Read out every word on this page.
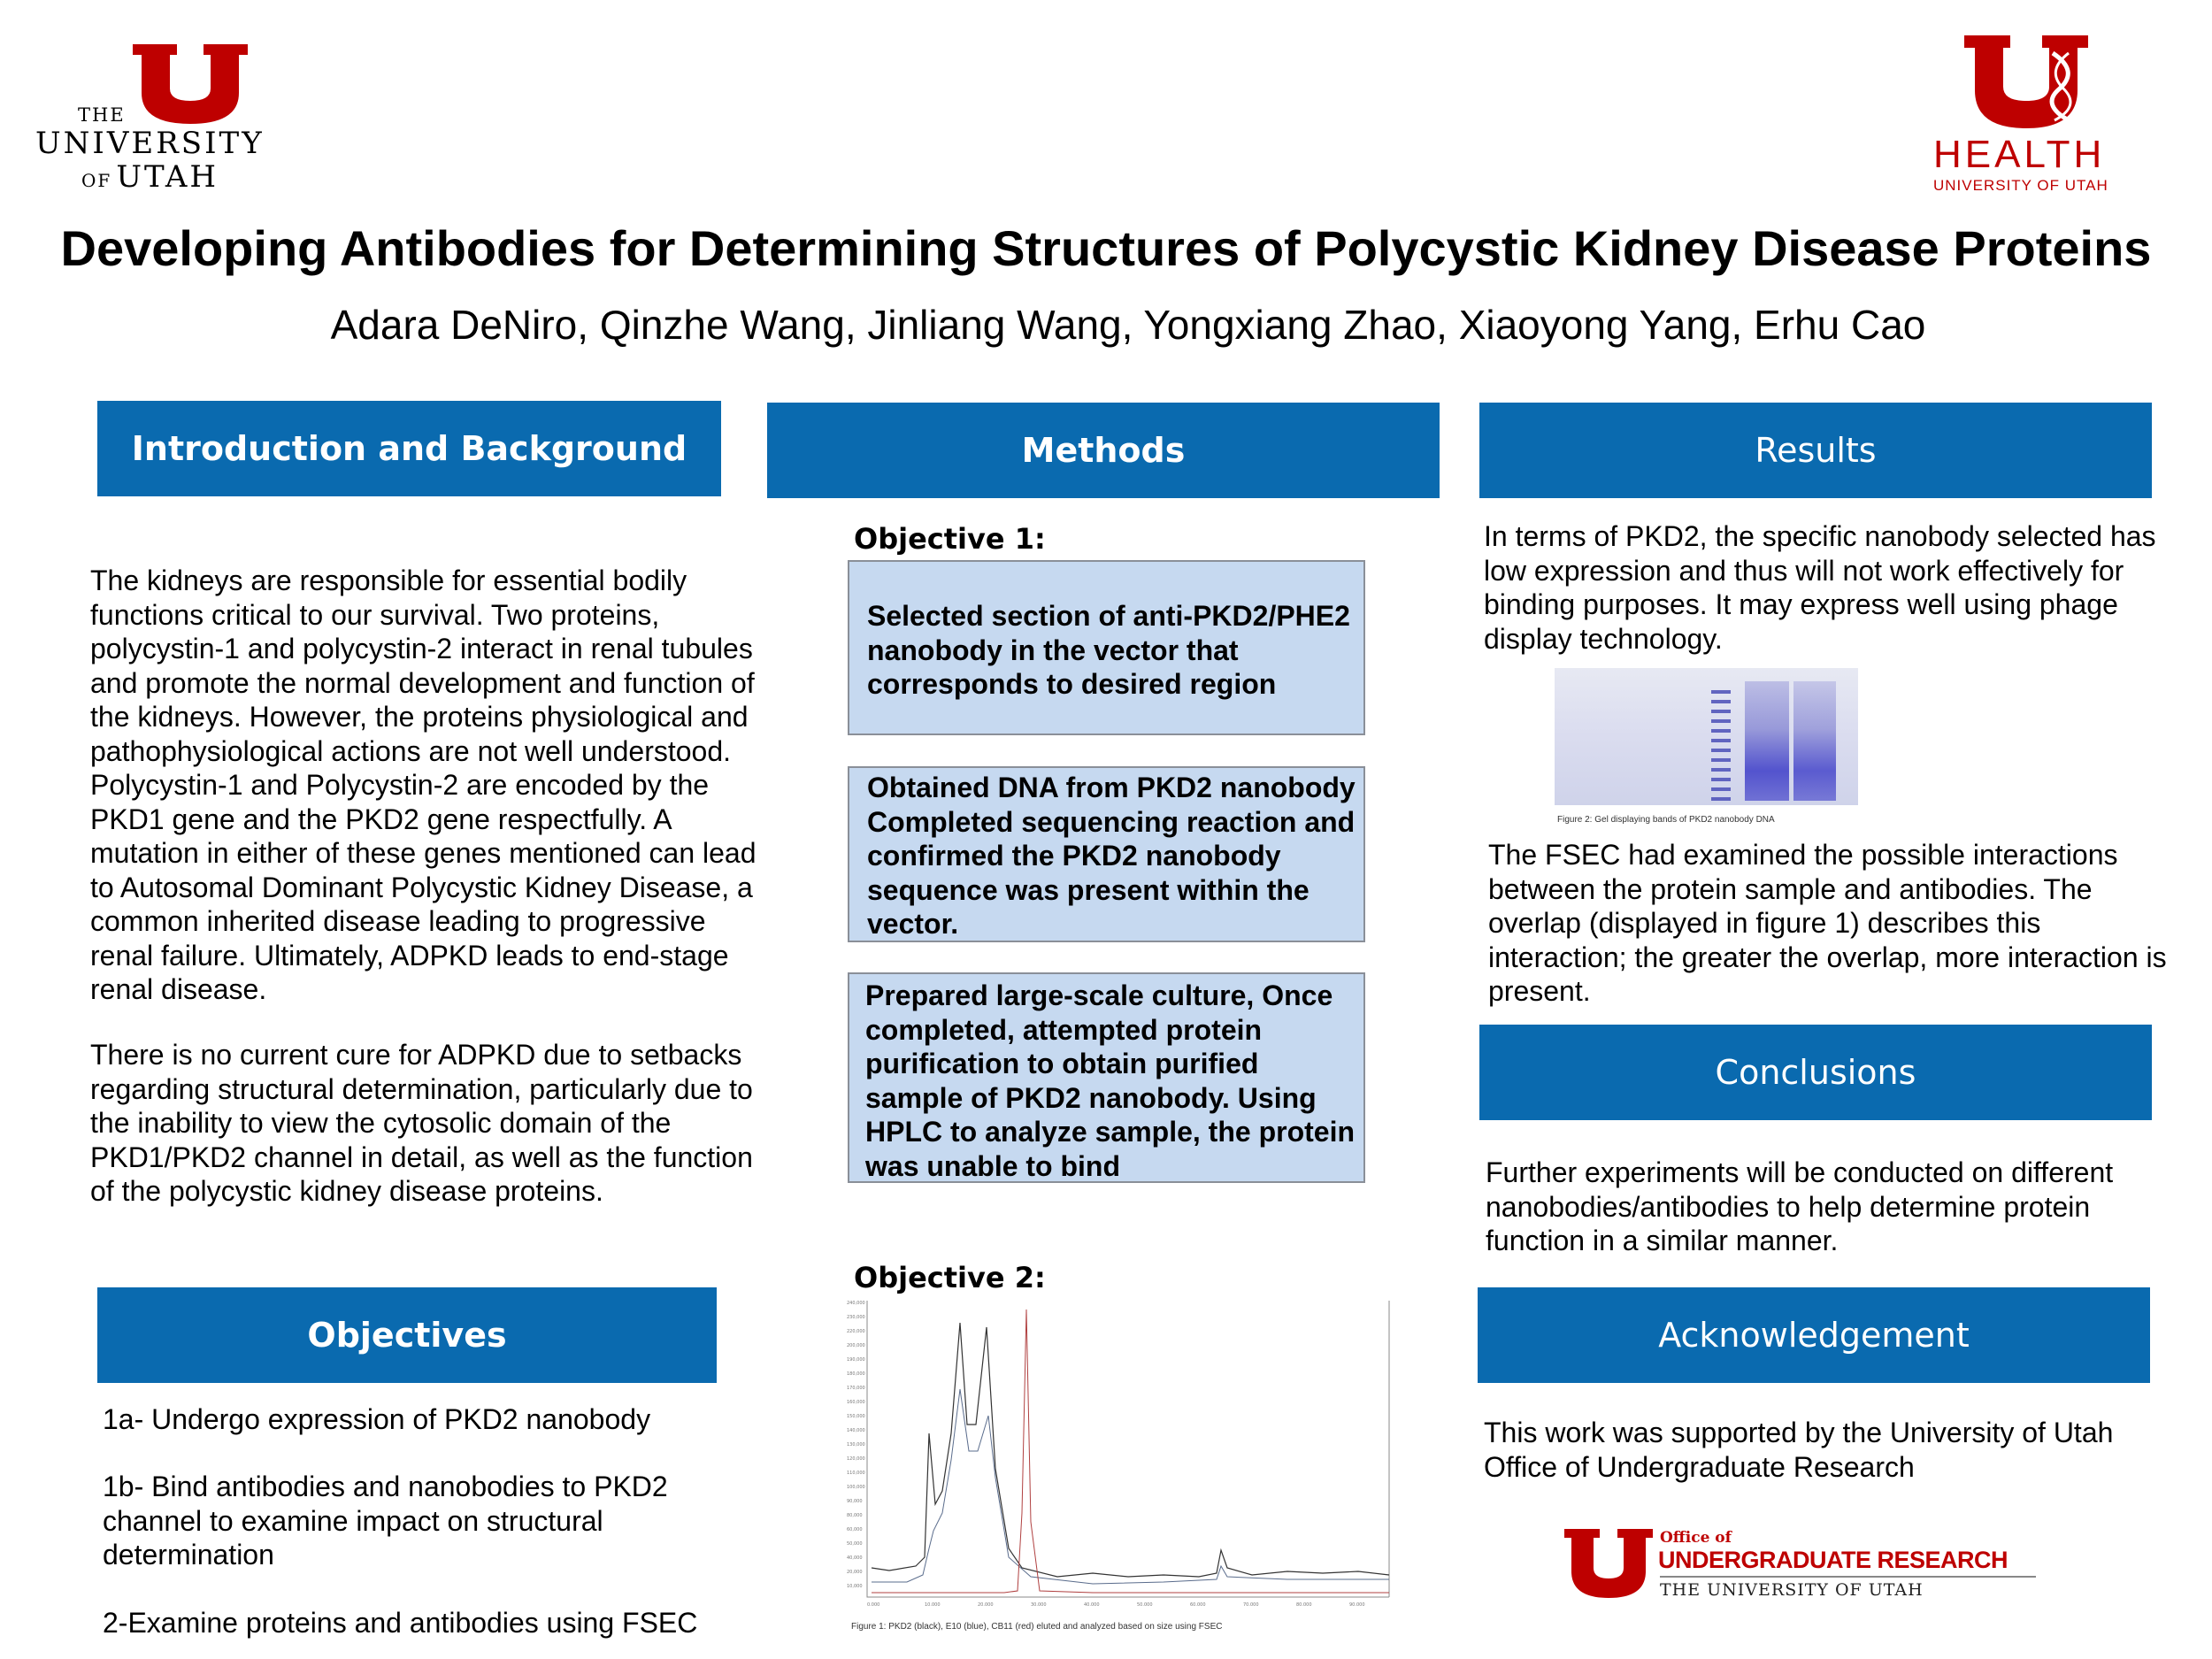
THE
UNIVERSITY
OF UTAH
HEALTH
UNIVERSITY OF UTAH
Developing Antibodies for Determining Structures of Polycystic Kidney Disease Proteins
Adara DeNiro, Qinzhe Wang, Jinliang Wang, Yongxiang Zhao, Xiaoyong Yang, Erhu Cao
Introduction and Background
The kidneys are responsible for essential bodily functions critical to our survival. Two proteins, polycystin-1 and polycystin-2 interact in renal tubules and promote the normal development and function of the kidneys. However, the proteins physiological and pathophysiological actions are not well understood. Polycystin-1 and Polycystin-2 are encoded by the PKD1 gene and the PKD2 gene respectfully. A mutation in either of these genes mentioned can lead to Autosomal Dominant Polycystic Kidney Disease, a common inherited disease leading to progressive renal failure. Ultimately, ADPKD leads to end-stage renal disease.
There is no current cure for ADPKD due to setbacks regarding structural determination, particularly due to the inability to view the cytosolic domain of the PKD1/PKD2 channel in detail, as well as the function of the polycystic kidney disease proteins.
Objectives
1a- Undergo expression of PKD2 nanobody
1b- Bind antibodies and nanobodies to PKD2 channel to examine impact on structural determination
2-Examine proteins and antibodies using FSEC
Methods
Objective 1:
Selected section of anti-PKD2/PHE2 nanobody in the vector that corresponds to desired region
Obtained DNA from PKD2 nanobody Completed sequencing reaction and confirmed the PKD2 nanobody sequence was present within the vector.
Prepared large-scale culture, Once completed, attempted protein purification to obtain purified sample of PKD2 nanobody. Using HPLC to analyze sample, the protein was unable to bind
Objective 2:
240,000
230,000
220,000
200,000
190,000
180,000
170,000
160,000
150,000
140,000
130,000
120,000
110,000
100,000
90,000
80,000
60,000
50,000
40,000
20,000
10,000
0.000	10.000	20.000	30.000	40.000	50.000	60.000	70.000	80.000	90.000
Figure 1: PKD2 (black), E10 (blue), CB11 (red) eluted and analyzed based on size using FSEC
Results
In terms of PKD2, the specific nanobody selected has low expression and thus will not work effectively for binding purposes. It may express well using phage display technology.
Figure 2: Gel displaying bands of PKD2 nanobody DNA
The FSEC had examined the possible interactions between the protein sample and antibodies. The overlap (displayed in figure 1) describes this interaction; the greater the overlap, more interaction is present.
Conclusions
Further experiments will be conducted on different nanobodies/antibodies to help determine protein function in a similar manner.
Acknowledgement
This work was supported by the University of Utah Office of Undergraduate Research
Office of
UNDERGRADUATE RESEARCH
THE UNIVERSITY OF UTAH
